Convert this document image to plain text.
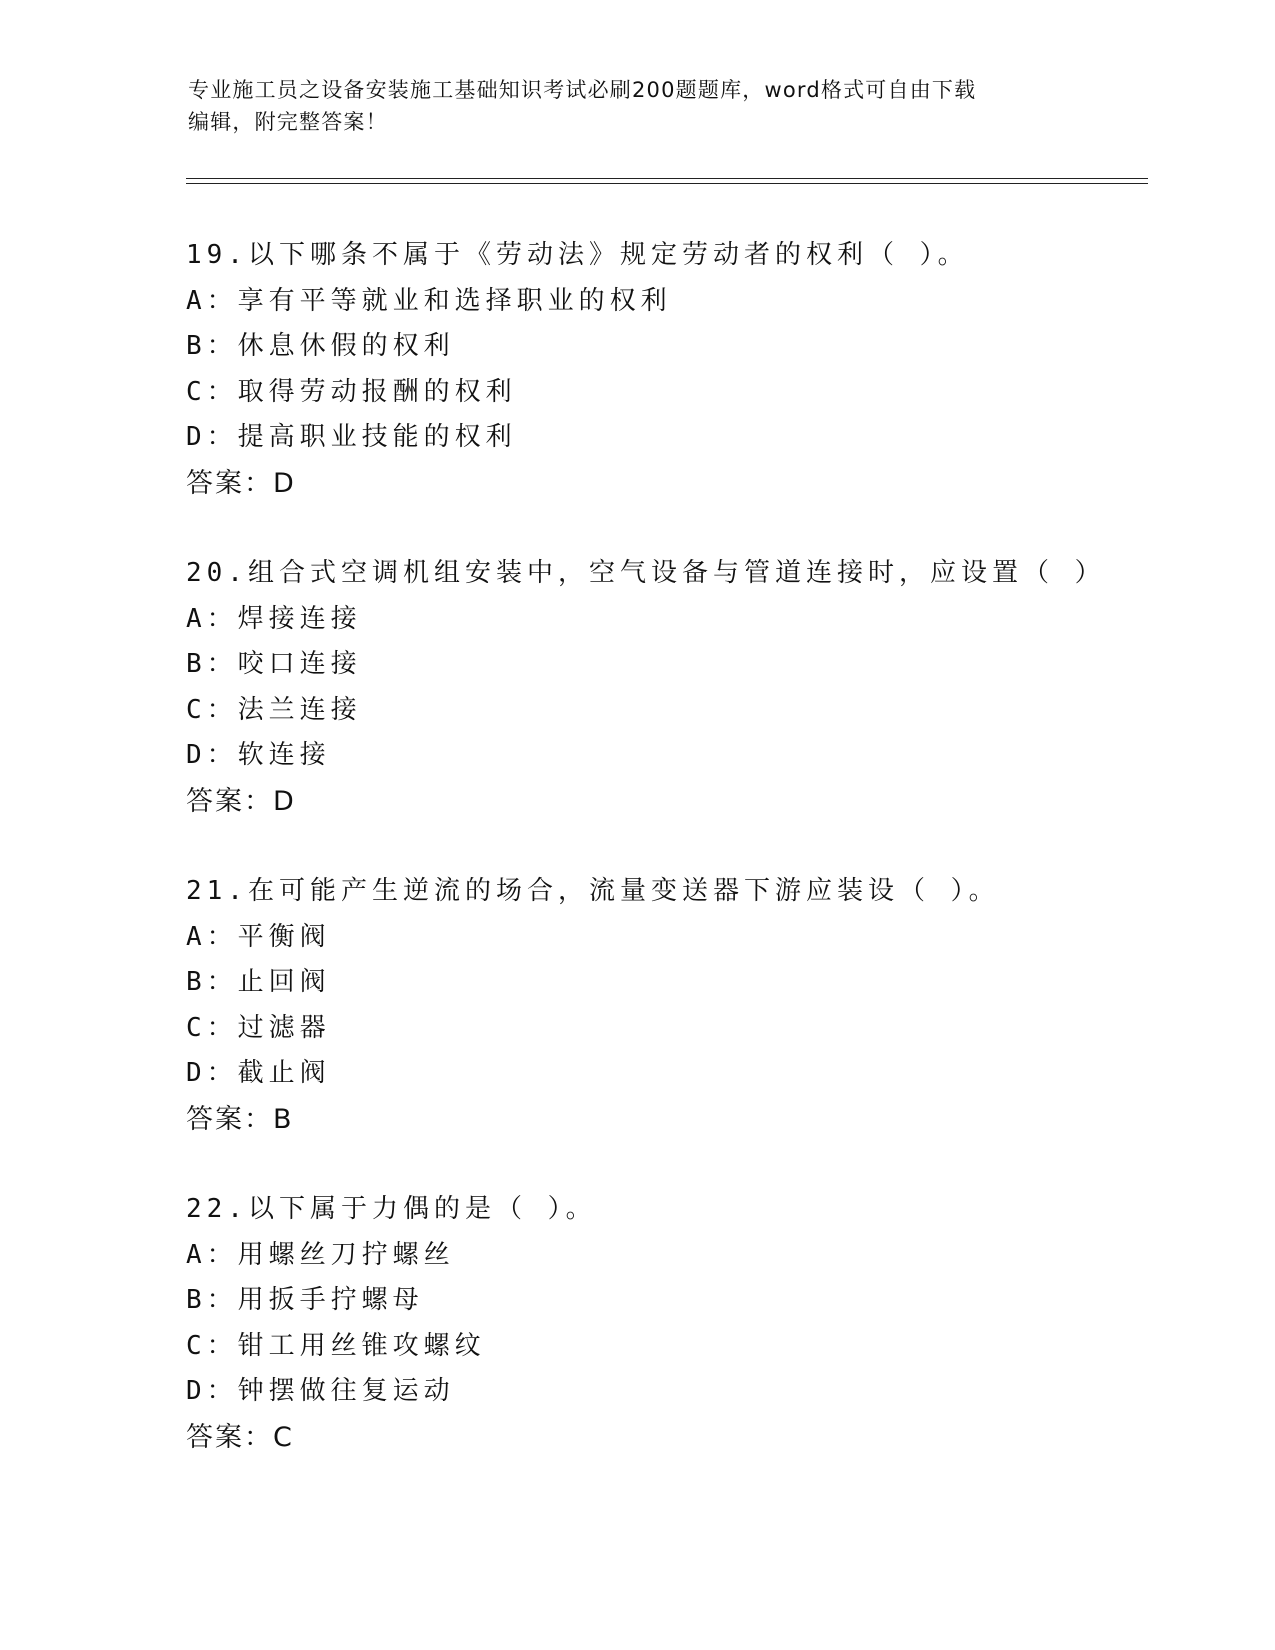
专业施工员之设备安装施工基础知识考试必刷200题题库，word格式可自由下载
编辑，附完整答案！
19.以下哪条不属于《劳动法》规定劳动者的权利（ ）。
A：享有平等就业和选择职业的权利
B：休息休假的权利
C：取得劳动报酬的权利
D：提高职业技能的权利
答案：D
20.组合式空调机组安装中，空气设备与管道连接时，应设置（ ）
A：焊接连接
B：咬口连接
C：法兰连接
D：软连接
答案：D
21.在可能产生逆流的场合，流量变送器下游应装设（ ）。
A：平衡阀
B：止回阀
C：过滤器
D：截止阀
答案：B
22.以下属于力偶的是（ ）。
A：用螺丝刀拧螺丝
B：用扳手拧螺母
C：钳工用丝锥攻螺纹
D：钟摆做往复运动
答案：C
